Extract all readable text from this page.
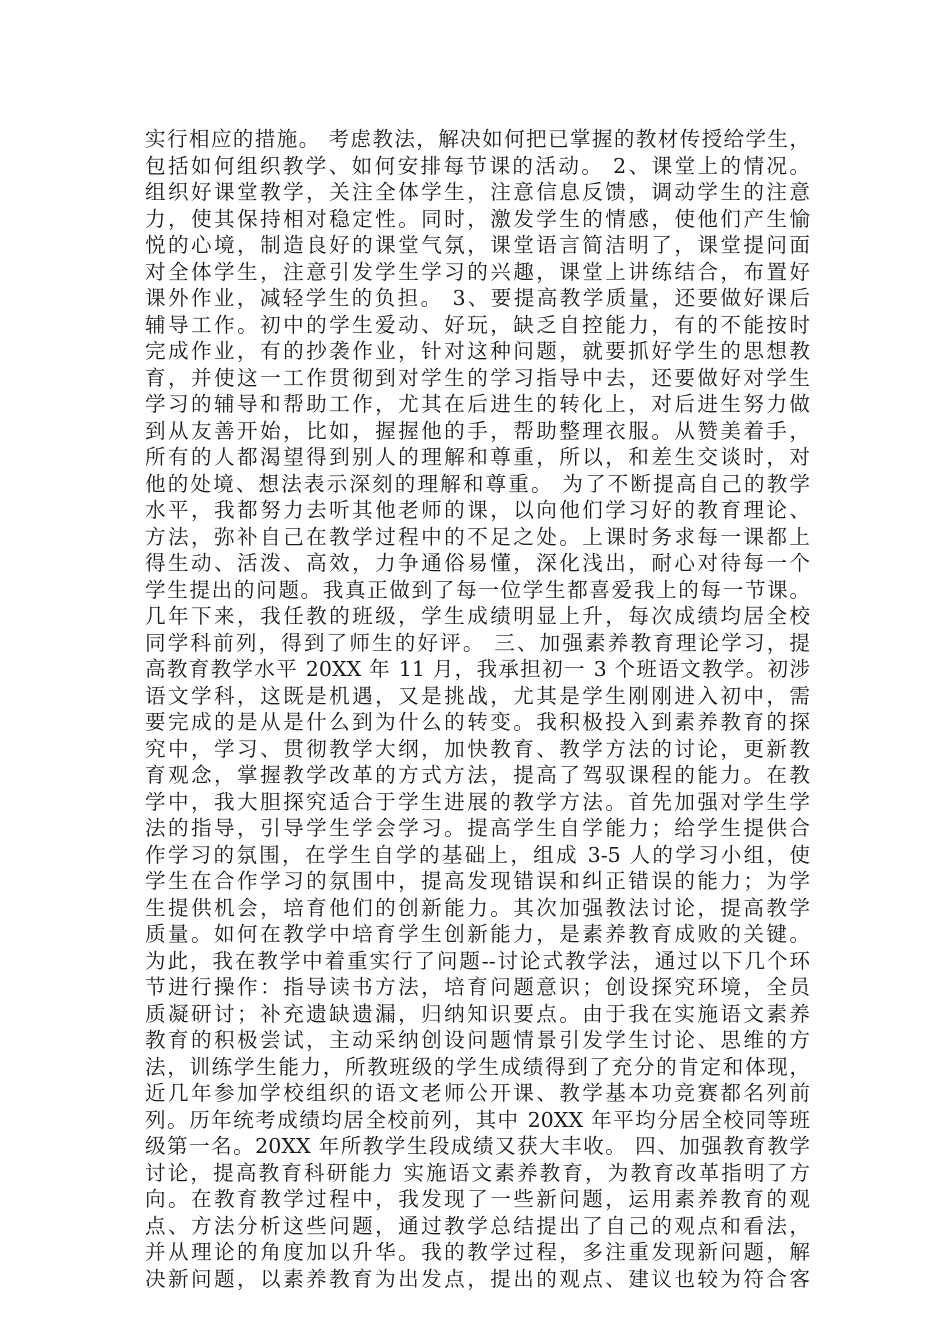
实行相应的措施。 考虑教法，解决如何把已掌握的教材传授给学生，
包括如何组织教学、如何安排每节课的活动。 2、课堂上的情况。
组织好课堂教学，关注全体学生，注意信息反馈，调动学生的注意
力，使其保持相对稳定性。同时，激发学生的情感，使他们产生愉
悦的心境，制造良好的课堂气氛，课堂语言简洁明了，课堂提问面
对全体学生，注意引发学生学习的兴趣，课堂上讲练结合，布置好
课外作业，减轻学生的负担。 3、要提高教学质量，还要做好课后
辅导工作。初中的学生爱动、好玩，缺乏自控能力，有的不能按时
完成作业，有的抄袭作业，针对这种问题，就要抓好学生的思想教
育，并使这一工作贯彻到对学生的学习指导中去，还要做好对学生
学习的辅导和帮助工作，尤其在后进生的转化上，对后进生努力做
到从友善开始，比如，握握他的手，帮助整理衣服。从赞美着手，
所有的人都渴望得到别人的理解和尊重，所以，和差生交谈时，对
他的处境、想法表示深刻的理解和尊重。 为了不断提高自己的教学
水平，我都努力去听其他老师的课，以向他们学习好的教育理论、
方法，弥补自己在教学过程中的不足之处。上课时务求每一课都上
得生动、活泼、高效，力争通俗易懂，深化浅出，耐心对待每一个
学生提出的问题。我真正做到了每一位学生都喜爱我上的每一节课。
几年下来，我任教的班级，学生成绩明显上升，每次成绩均居全校
同学科前列，得到了师生的好评。 三、加强素养教育理论学习，提
高教育教学水平 20XX 年 11 月，我承担初一 3 个班语文教学。初涉
语文学科，这既是机遇，又是挑战，尤其是学生刚刚进入初中，需
要完成的是从是什么到为什么的转变。我积极投入到素养教育的探
究中，学习、贯彻教学大纲，加快教育、教学方法的讨论，更新教
育观念，掌握教学改革的方式方法，提高了驾驭课程的能力。在教
学中，我大胆探究适合于学生进展的教学方法。首先加强对学生学
法的指导，引导学生学会学习。提高学生自学能力；给学生提供合
作学习的氛围，在学生自学的基础上，组成 3-5 人的学习小组，使
学生在合作学习的氛围中，提高发现错误和纠正错误的能力；为学
生提供机会，培育他们的创新能力。其次加强教法讨论，提高教学
质量。如何在教学中培育学生创新能力，是素养教育成败的关键。
为此，我在教学中着重实行了问题--讨论式教学法，通过以下几个环
节进行操作：指导读书方法，培育问题意识；创设探究环境，全员
质凝研讨；补充遗缺遗漏，归纳知识要点。由于我在实施语文素养
教育的积极尝试，主动采纳创设问题情景引发学生讨论、思维的方
法，训练学生能力，所教班级的学生成绩得到了充分的肯定和体现，
近几年参加学校组织的语文老师公开课、教学基本功竞赛都名列前
列。历年统考成绩均居全校前列，其中 20XX 年平均分居全校同等班
级第一名。20XX 年所教学生段成绩又获大丰收。 四、加强教育教学
讨论，提高教育科研能力 实施语文素养教育，为教育改革指明了方
向。在教育教学过程中，我发现了一些新问题，运用素养教育的观
点、方法分析这些问题，通过教学总结提出了自己的观点和看法，
并从理论的角度加以升华。我的教学过程，多注重发现新问题，解
决新问题，以素养教育为出发点，提出的观点、建议也较为符合客
